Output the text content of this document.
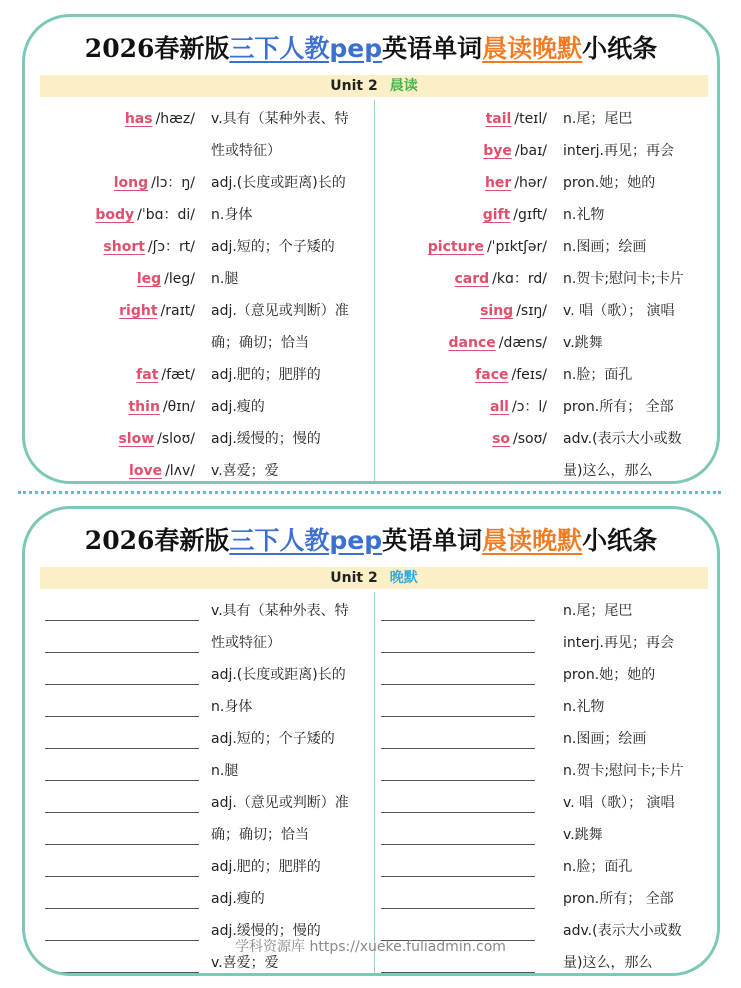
2026春新版三下人教pep英语单词晨读晚默小纸条
Unit 2 晨读
has /hæz/ v.具有（某种外表、特
性或特征）
long /lɔ：ŋ/ adj.(长度或距离)长的
body /ˈbɑ：di/ n.身体
short /ʃɔ：rt/ adj.短的；个子矮的
leg /leg/ n.腿
right /raɪt/ adj.（意见或判断）准
确；确切；恰当
fat /fæt/ adj.肥的；肥胖的
thin /θɪn/ adj.瘦的
slow /sloʊ/ adj.缓慢的；慢的
love /lʌv/ v.喜爱；爱
tail /teɪl/ n.尾；尾巴
bye /baɪ/ interj.再见；再会
her /hər/ pron.她；她的
gift /gɪft/ n.礼物
picture /ˈpɪktʃər/ n.图画；绘画
card /kɑ：rd/ n.贺卡;慰问卡;卡片
sing /sɪŋ/ v. 唱（歌）； 演唱
dance /dæns/ v.跳舞
face /feɪs/ n.脸；面孔
all /ɔ：l/ pron.所有； 全部
so /soʊ/ adv.(表示大小或数
量)这么，那么
2026春新版三下人教pep英语单词晨读晚默小纸条
Unit 2 晚默
v.具有（某种外表、特
性或特征）
adj.(长度或距离)长的
n.身体
adj.短的；个子矮的
n.腿
adj.（意见或判断）准
确；确切；恰当
adj.肥的；肥胖的
adj.瘦的
adj.缓慢的；慢的
v.喜爱；爱
n.尾；尾巴
interj.再见；再会
pron.她；她的
n.礼物
n.图画；绘画
n.贺卡;慰问卡;卡片
v. 唱（歌）； 演唱
v.跳舞
n.脸；面孔
pron.所有； 全部
adv.(表示大小或数
量)这么，那么
学科资源库 https://xueke.fuliadmin.com
